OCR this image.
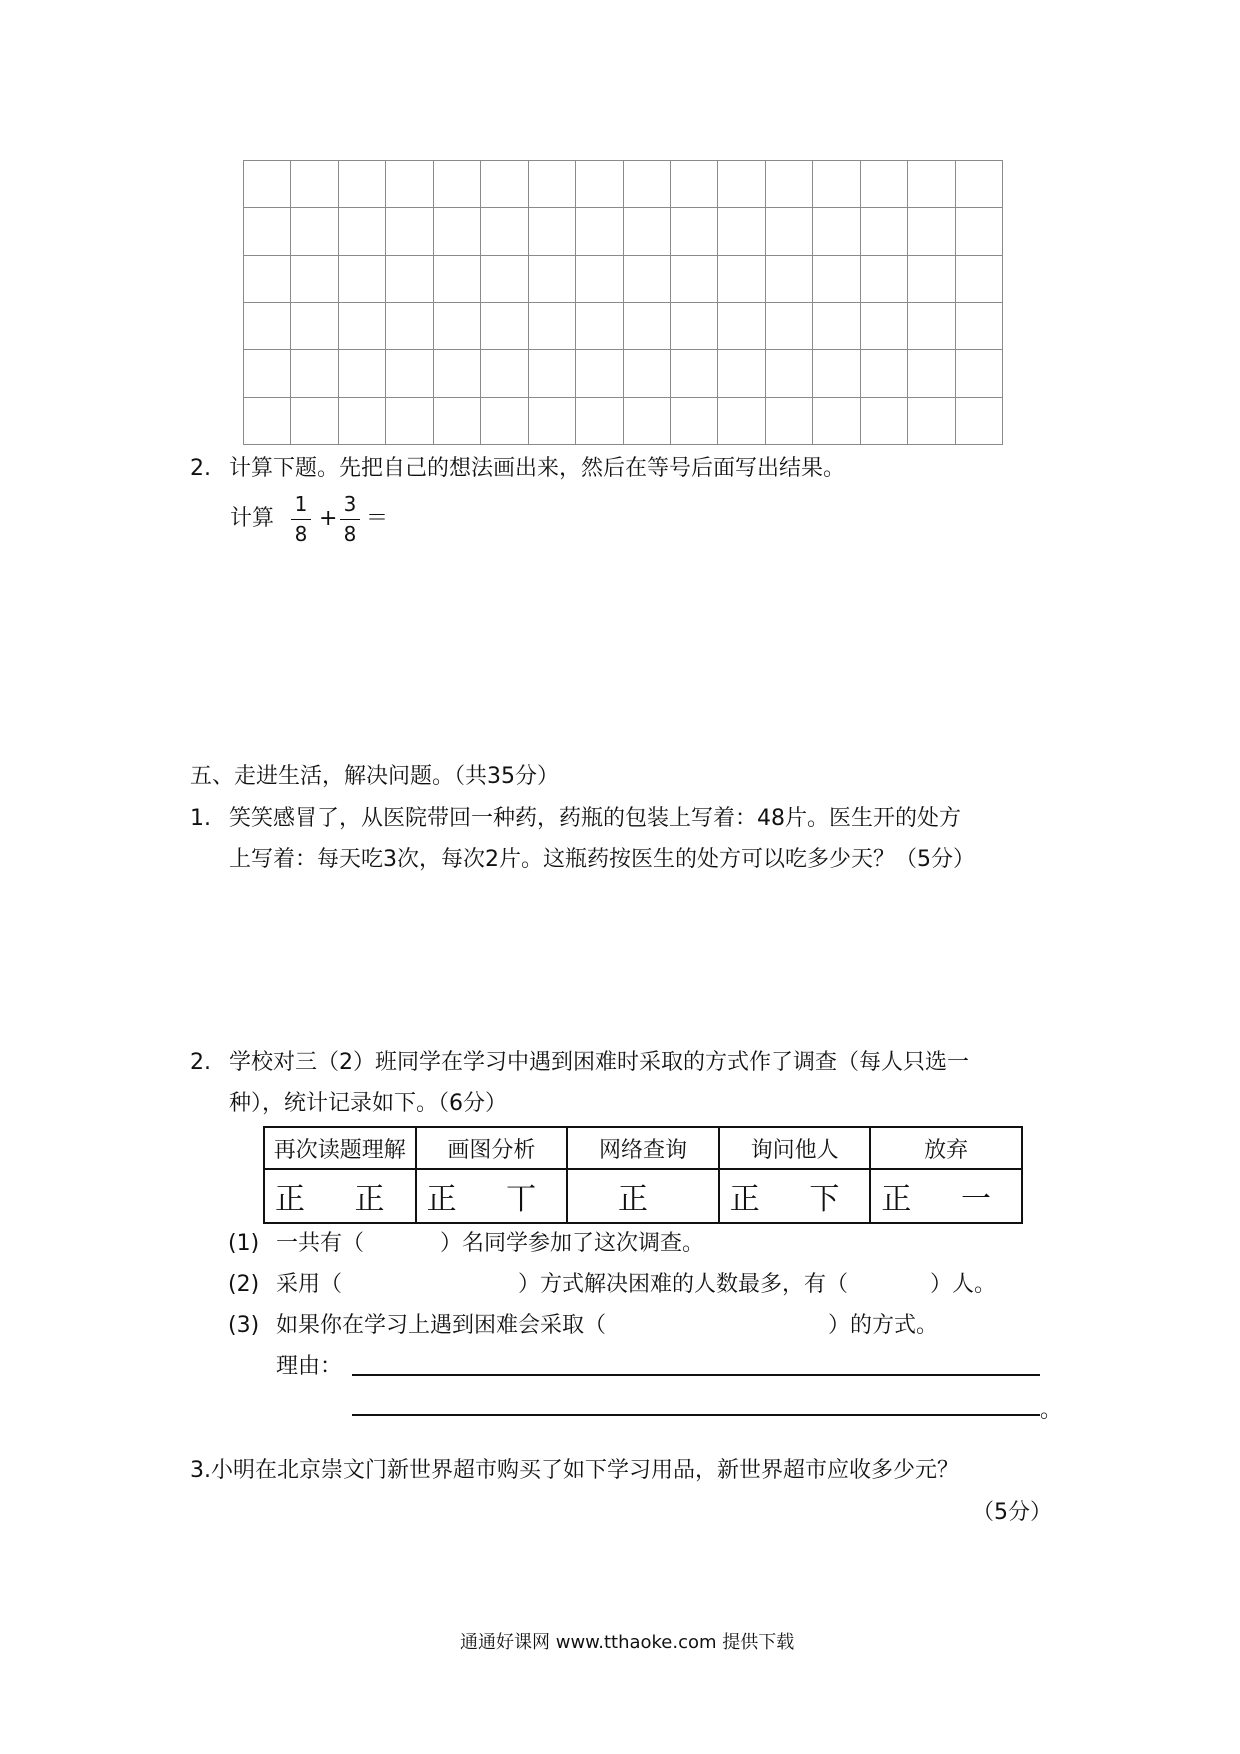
2. 计算下题。先把自己的想法画出来，然后在等号后面写出结果。
计算
1
8
+
3
8
＝
五、走进生活，解决问题。（共35分）
1. 笑笑感冒了，从医院带回一种药，药瓶的包装上写着：48片。医生开的处方
上写着：每天吃3次，每次2片。这瓶药按医生的处方可以吃多少天？（5分）
2. 学校对三（2）班同学在学习中遇到困难时采取的方式作了调查（每人只选一
种），统计记录如下。（6分）
再次读题理解	画图分析	网络查询	询问他人	放弃
正 正	正 丅	正	正 下	正 一
(1) 一共有（	）名同学参加了这次调查。
(2) 采用（	）方式解决困难的人数最多，有（	）人。
(3) 如果你在学习上遇到困难会采取（	）的方式。
理由：
。
3.小明在北京崇文门新世界超市购买了如下学习用品，新世界超市应收多少元？
（5分）
通通好课网 www.tthaoke.com 提供下载
